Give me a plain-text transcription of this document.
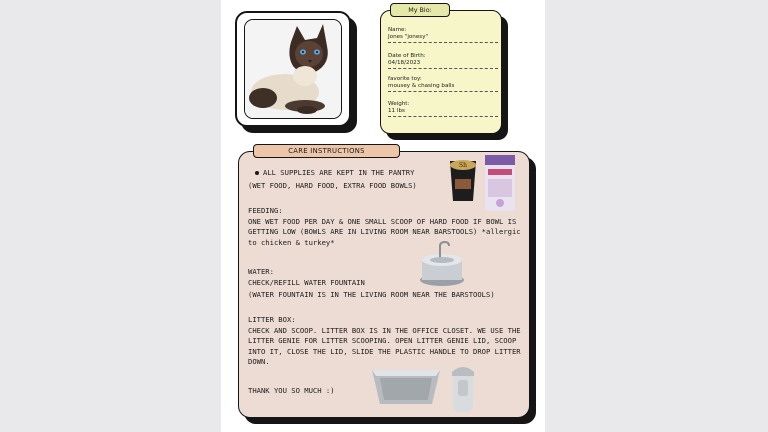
My Bio:
Name:
Jones "jonesy"
Date of Birth:
04/18/2023
favorite toy:
mousey & chasing balls
Weight:
11 lbs
CARE INSTRUCTIONS
ALL SUPPLIES ARE KEPT IN THE PANTRY
(WET FOOD, HARD FOOD, EXTRA FOOD BOWLS)
FEEDING:
ONE WET FOOD PER DAY & ONE SMALL SCOOP OF HARD FOOD IF BOWL IS GETTING LOW (BOWLS ARE IN LIVING ROOM NEAR BARSTOOLS) *allergic to chicken & turkey*
WATER:
CHECK/REFILL WATER FOUNTAIN
(WATER FOUNTAIN IS IN THE LIVING ROOM NEAR THE BARSTOOLS)
LITTER BOX:
CHECK AND SCOOP. LITTER BOX IS IN THE OFFICE CLOSET. WE USE THE LITTER GENIE FOR LITTER SCOOPING. OPEN LITTER GENIE LID, SCOOP INTO IT, CLOSE THE LID, SLIDE THE PLASTIC HANDLE TO DROP LITTER DOWN.
THANK YOU SO MUCH :)
Sh
